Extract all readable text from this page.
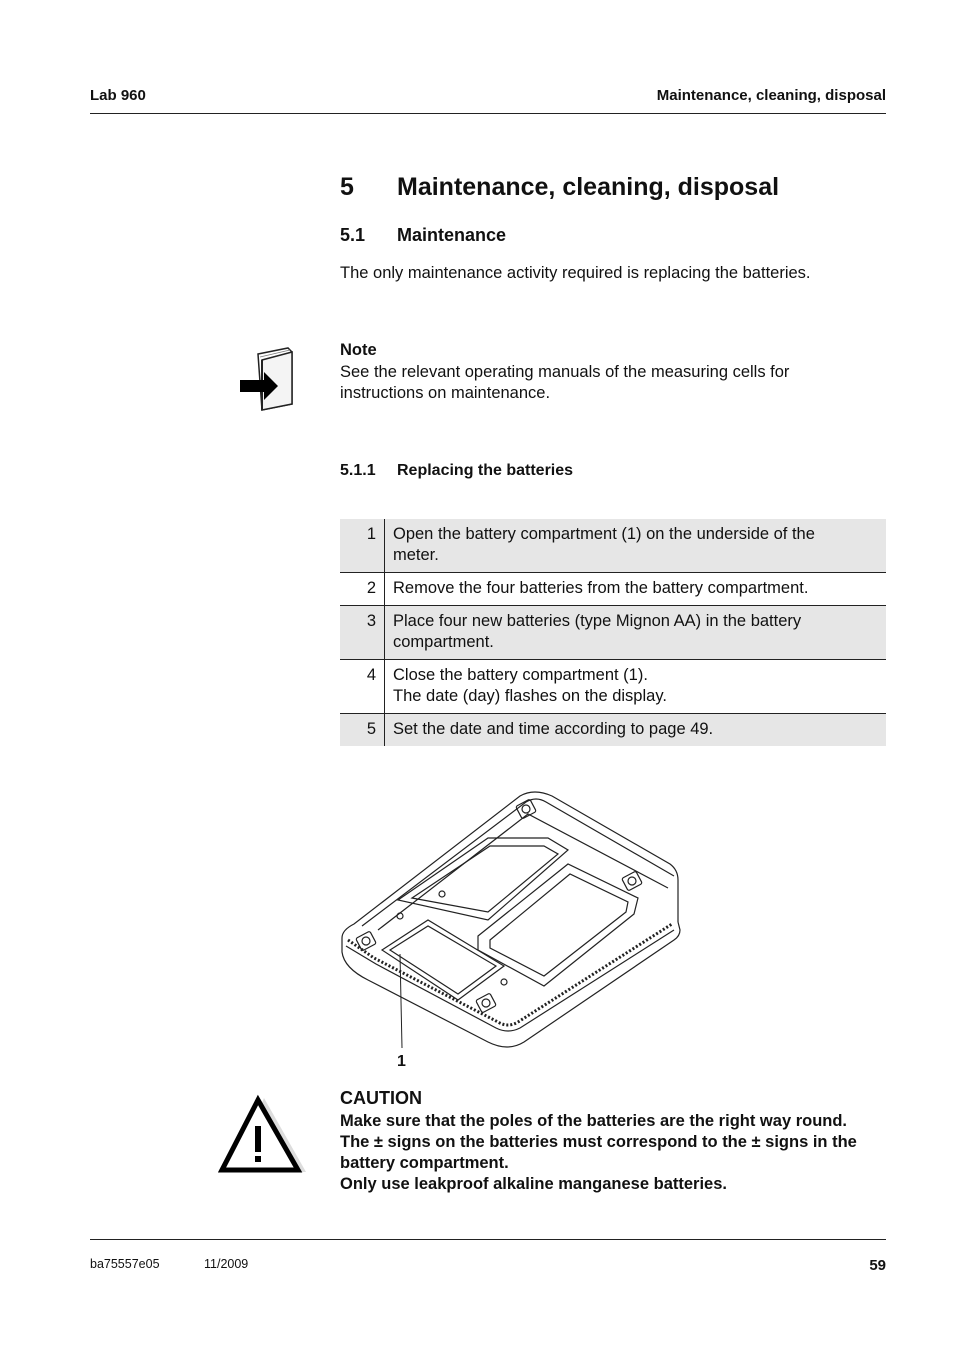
Lab 960	Maintenance, cleaning, disposal
5 Maintenance, cleaning, disposal
5.1 Maintenance
The only maintenance activity required is replacing the batteries.
Note
See the relevant operating manuals of the measuring cells for
instructions on maintenance.
5.1.1 Replacing the batteries
1	Open the battery compartment (1) on the underside of the
meter.

2	Remove the four batteries from the battery compartment.

3	Place four new batteries (type Mignon AA) in the battery
compartment.

4	Close the battery compartment (1).
The date (day) flashes on the display.

5	Set the date and time according to page 49.
1
CAUTION
Make sure that the poles of the batteries are the right way round.
The ± signs on the batteries must correspond to the ± signs in the
battery compartment.
Only use leakproof alkaline manganese batteries.
ba75557e05	11/2009	59
